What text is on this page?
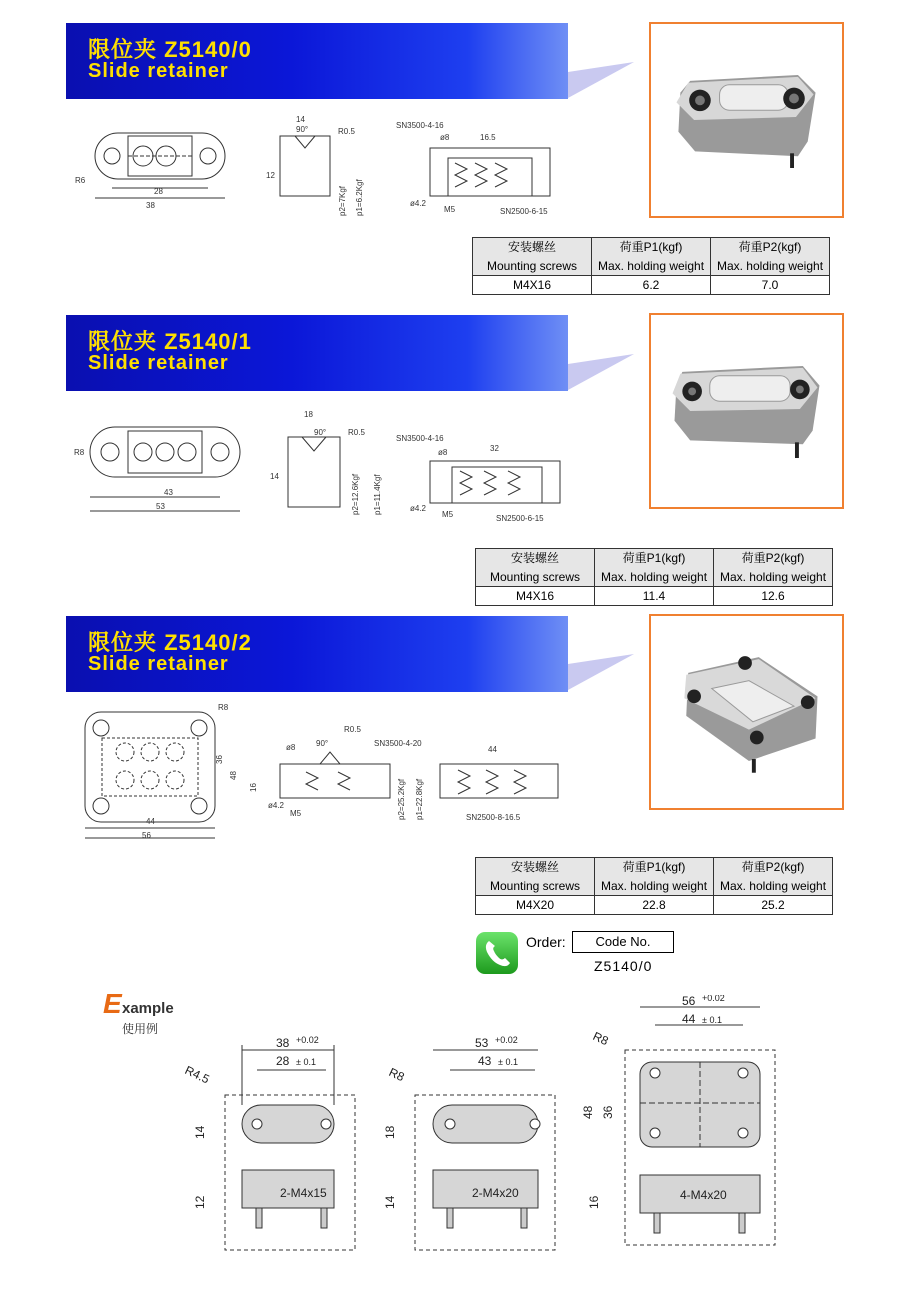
限位夹 Z5140/0
Slide retainer
R6
28
38
14
90°	R0.5
12
p2=7Kgf p1=6.2Kgf
SN3500-4-16
ø8	16.5
ø4.2
M5	SN2500-6-15
安装螺丝	荷重P1(kgf)	荷重P2(kgf)
Mounting screws	Max. holding weight	Max. holding weight
M4X16	6.2	7.0
限位夹 Z5140/1
Slide retainer
R8
43
53
18
90°	R0.5
14	p2=12.6Kgf p1=11.4Kgf
SN3500-4-16
ø8	32
ø4.2
M5	SN2500-6-15
安装螺丝	荷重P1(kgf)	荷重P2(kgf)
Mounting screws	Max. holding weight	Max. holding weight
M4X16	11.4	12.6
限位夹 Z5140/2
Slide retainer
R8
44
56
36
48
90°
R0.5
16	p2=25.2Kgf p1=22.8Kgf
SN3500-4-20
ø8	44
ø4.2
M5	SN2500-8-16.5
安装螺丝	荷重P1(kgf)	荷重P2(kgf)
Mounting screws	Max. holding weight	Max. holding weight
M4X20	22.8	25.2
Order:	Code No.
Z5140/0
E xample
使用例
38 +0.02
28 ± 0.1
R4.5
14
12
2-M4x15
53 +0.02
43 ± 0.1
R8
18
14
2-M4x20
56 +0.02
44 ± 0.1
R8
48 36
16
4-M4x20
